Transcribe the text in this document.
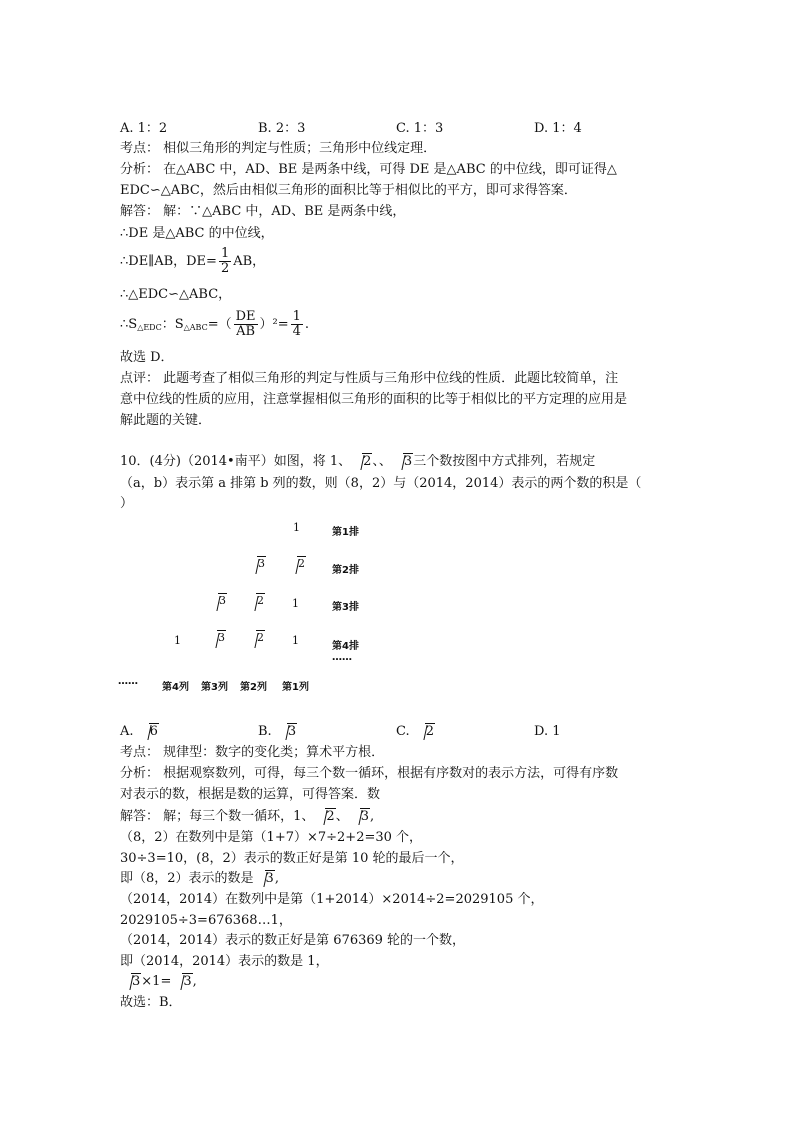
A. 1：2	B. 2：3	C. 1：3	D. 1：4
考点： 相似三角形的判定与性质；三角形中位线定理．
分析： 在△ABC 中，AD、BE 是两条中线，可得 DE 是△ABC 的中位线，即可证得△
EDC∽△ABC，然后由相似三角形的面积比等于相似比的平方，即可求得答案．
解答： 解：∵△ABC 中，AD、BE 是两条中线，
∴DE 是△ABC 的中位线，
∴DE∥AB，$DE= \frac{1}{2}$ AB，
∴△EDC∽△ABC，
$\therefore S_{\triangle EDC}$：$S_{\triangle ABC}=( \frac{DE}{AB} )^2= \frac{1}{4}$ .
故选 D．
点评： 此题考查了相似三角形的判定与性质与三角形中位线的性质．此题比较简单，注
意中位线的性质的应用，注意掌握相似三角形的面积的比等于相似比的平方定理的应用是
解此题的关键．
10．(4分)（2014•南平）如图，将 1、 2、、 3三个数按图中方式排列，若规定
（a，b）表示第 a 排第 b 列的数，则（8，2）与（2014，2014）表示的两个数的积是（
）
1
3	2
3	2	1
1	3	2	1
第1排
第2排
第3排
第4排
……
……
第4列 第3列 第2列 第1列
A. 6	B. 3	C. 2	D. 1
考点： 规律型：数字的变化类；算术平方根．
分析： 根据观察数列，可得，每三个数一循环，根据有序数对的表示方法，可得有序数
对表示的数，根据是数的运算，可得答案．数
解答： 解；每三个数一循环，1、 2、 3,
（8，2）在数列中是第（1+7）×7÷2+2=30 个，
30÷3=10，(8，2）表示的数正好是第 10 轮的最后一个，
即（8，2）表示的数是 3,
（2014，2014）在数列中是第（1+2014）×2014÷2=2029105 个，
2029105÷3=676368…1，
（2014，2014）表示的数正好是第 676369 轮的一个数，
即（2014，2014）表示的数是 1，
3×1= 3,
故选：B．
